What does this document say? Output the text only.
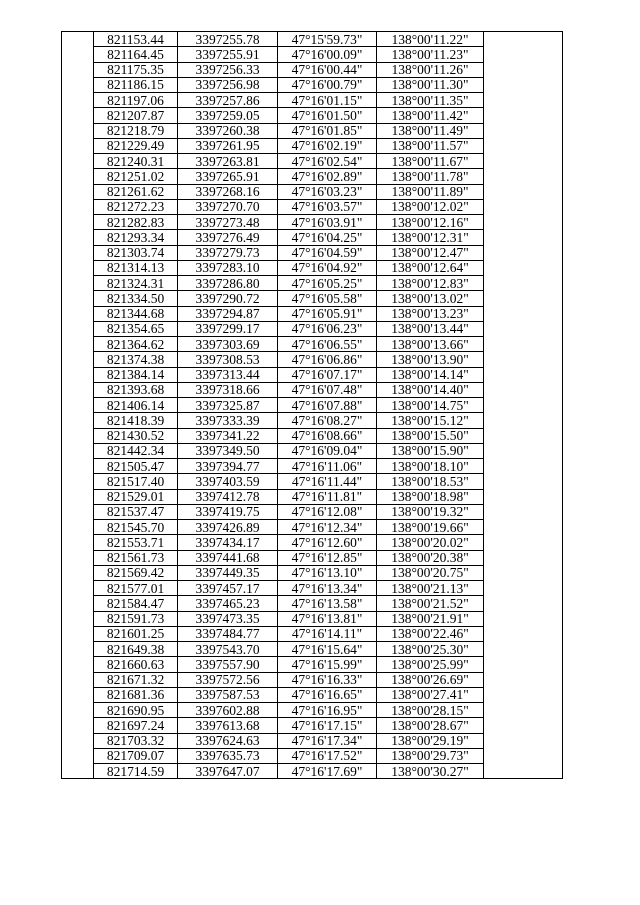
	821153.44	3397255.78	47°15'59.73"	138°00'11.22"	
	821164.45	3397255.91	47°16'00.09"	138°00'11.23"	
	821175.35	3397256.33	47°16'00.44"	138°00'11.26"	
	821186.15	3397256.98	47°16'00.79"	138°00'11.30"	
	821197.06	3397257.86	47°16'01.15"	138°00'11.35"	
	821207.87	3397259.05	47°16'01.50"	138°00'11.42"	
	821218.79	3397260.38	47°16'01.85"	138°00'11.49"	
	821229.49	3397261.95	47°16'02.19"	138°00'11.57"	
	821240.31	3397263.81	47°16'02.54"	138°00'11.67"	
	821251.02	3397265.91	47°16'02.89"	138°00'11.78"	
	821261.62	3397268.16	47°16'03.23"	138°00'11.89"	
	821272.23	3397270.70	47°16'03.57"	138°00'12.02"	
	821282.83	3397273.48	47°16'03.91"	138°00'12.16"	
	821293.34	3397276.49	47°16'04.25"	138°00'12.31"	
	821303.74	3397279.73	47°16'04.59"	138°00'12.47"	
	821314.13	3397283.10	47°16'04.92"	138°00'12.64"	
	821324.31	3397286.80	47°16'05.25"	138°00'12.83"	
	821334.50	3397290.72	47°16'05.58"	138°00'13.02"	
	821344.68	3397294.87	47°16'05.91"	138°00'13.23"	
	821354.65	3397299.17	47°16'06.23"	138°00'13.44"	
	821364.62	3397303.69	47°16'06.55"	138°00'13.66"	
	821374.38	3397308.53	47°16'06.86"	138°00'13.90"	
	821384.14	3397313.44	47°16'07.17"	138°00'14.14"	
	821393.68	3397318.66	47°16'07.48"	138°00'14.40"	
	821406.14	3397325.87	47°16'07.88"	138°00'14.75"	
	821418.39	3397333.39	47°16'08.27"	138°00'15.12"	
	821430.52	3397341.22	47°16'08.66"	138°00'15.50"	
	821442.34	3397349.50	47°16'09.04"	138°00'15.90"	
	821505.47	3397394.77	47°16'11.06"	138°00'18.10"	
	821517.40	3397403.59	47°16'11.44"	138°00'18.53"	
	821529.01	3397412.78	47°16'11.81"	138°00'18.98"	
	821537.47	3397419.75	47°16'12.08"	138°00'19.32"	
	821545.70	3397426.89	47°16'12.34"	138°00'19.66"	
	821553.71	3397434.17	47°16'12.60"	138°00'20.02"	
	821561.73	3397441.68	47°16'12.85"	138°00'20.38"	
	821569.42	3397449.35	47°16'13.10"	138°00'20.75"	
	821577.01	3397457.17	47°16'13.34"	138°00'21.13"	
	821584.47	3397465.23	47°16'13.58"	138°00'21.52"	
	821591.73	3397473.35	47°16'13.81"	138°00'21.91"	
	821601.25	3397484.77	47°16'14.11"	138°00'22.46"	
	821649.38	3397543.70	47°16'15.64"	138°00'25.30"	
	821660.63	3397557.90	47°16'15.99"	138°00'25.99"	
	821671.32	3397572.56	47°16'16.33"	138°00'26.69"	
	821681.36	3397587.53	47°16'16.65"	138°00'27.41"	
	821690.95	3397602.88	47°16'16.95"	138°00'28.15"	
	821697.24	3397613.68	47°16'17.15"	138°00'28.67"	
	821703.32	3397624.63	47°16'17.34"	138°00'29.19"	
	821709.07	3397635.73	47°16'17.52"	138°00'29.73"	
	821714.59	3397647.07	47°16'17.69"	138°00'30.27"	
